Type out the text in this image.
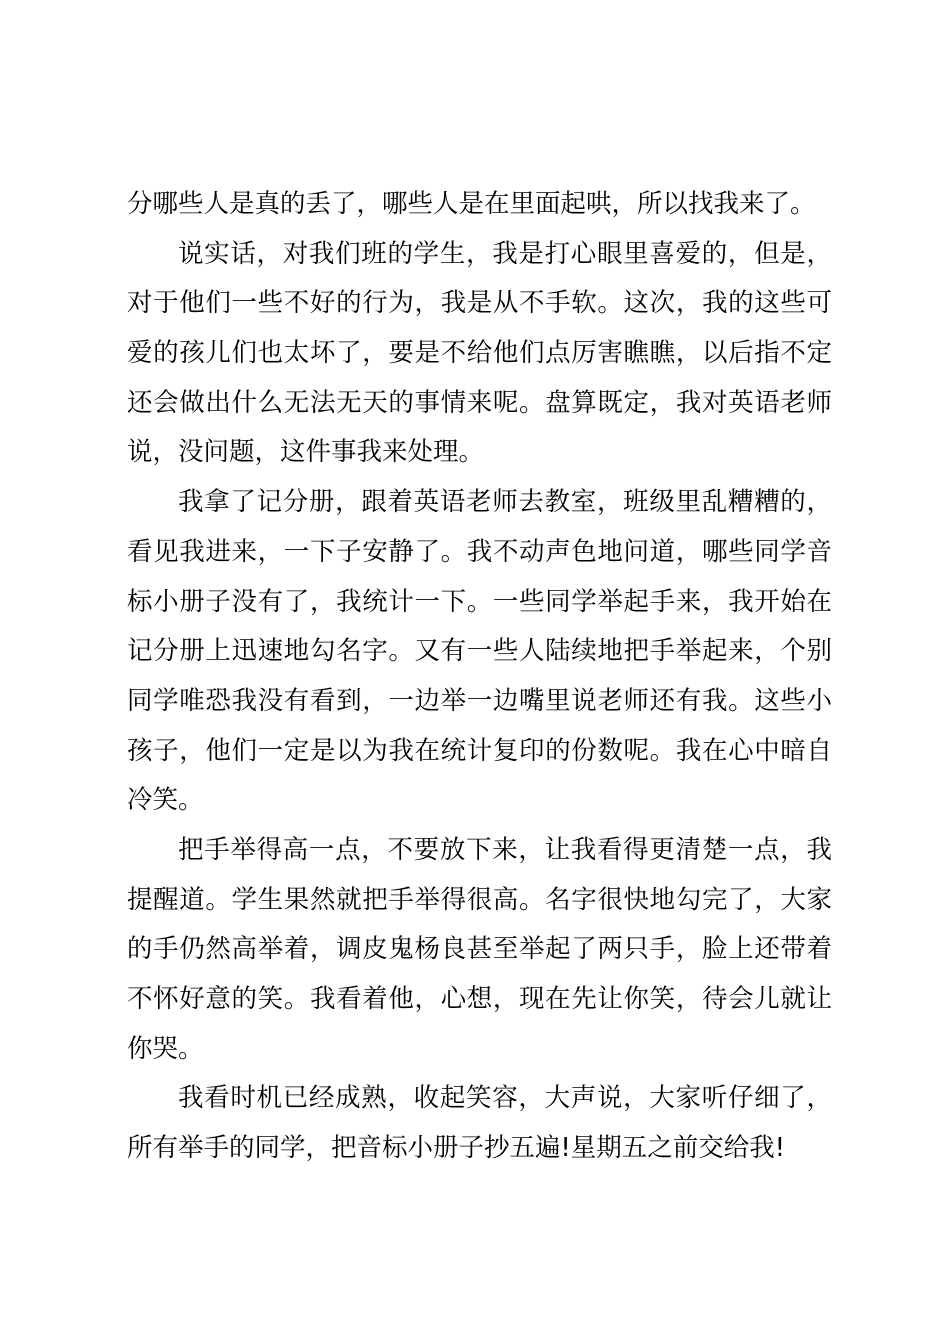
分哪些人是真的丢了，哪些人是在里面起哄，所以找我来了。
说实话，对我们班的学生，我是打心眼里喜爱的，但是，
对于他们一些不好的行为，我是从不手软。这次，我的这些可
爱的孩儿们也太坏了，要是不给他们点厉害瞧瞧，以后指不定
还会做出什么无法无天的事情来呢。盘算既定，我对英语老师
说，没问题，这件事我来处理。
我拿了记分册，跟着英语老师去教室，班级里乱糟糟的，
看见我进来，一下子安静了。我不动声色地问道，哪些同学音
标小册子没有了，我统计一下。一些同学举起手来，我开始在
记分册上迅速地勾名字。又有一些人陆续地把手举起来，个别
同学唯恐我没有看到，一边举一边嘴里说老师还有我。这些小
孩子，他们一定是以为我在统计复印的份数呢。我在心中暗自
冷笑。
把手举得高一点，不要放下来，让我看得更清楚一点，我
提醒道。学生果然就把手举得很高。名字很快地勾完了，大家
的手仍然高举着，调皮鬼杨良甚至举起了两只手，脸上还带着
不怀好意的笑。我看着他，心想，现在先让你笑，待会儿就让
你哭。
我看时机已经成熟，收起笑容，大声说，大家听仔细了，
所有举手的同学，把音标小册子抄五遍!星期五之前交给我!
